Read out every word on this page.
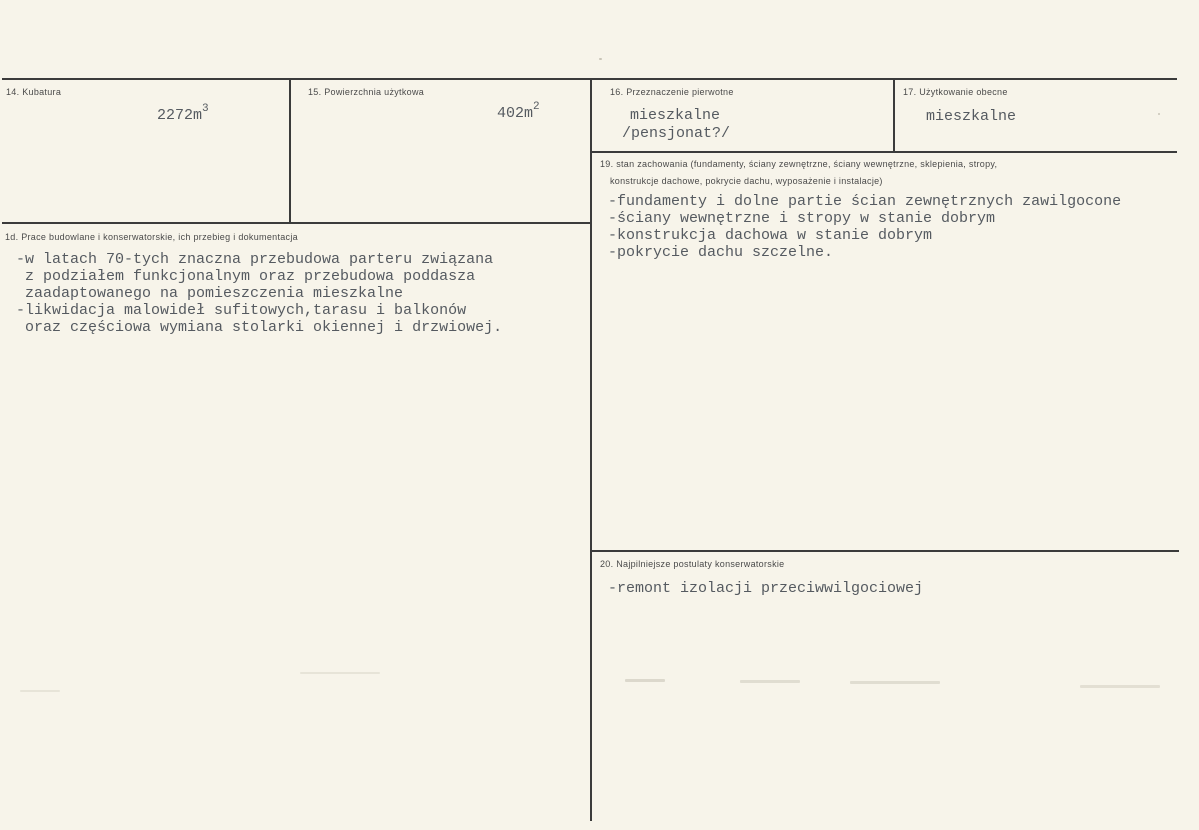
14. Kubatura
$2272m^3$
15. Powierzchnia użytkowa
$402m^2$
16. Przeznaczenie pierwotne
mieszkalne
/pensjonat?/
17. Użytkowanie obecne
mieszkalne
19. stan zachowania (fundamenty, ściany zewnętrzne, ściany wewnętrzne, sklepienia, stropy,
konstrukcje dachowe, pokrycie dachu, wyposażenie i instalacje)
-fundamenty i dolne partie ścian zewnętrznych zawilgocone
-ściany wewnętrzne i stropy w stanie dobrym
-konstrukcja dachowa w stanie dobrym
-pokrycie dachu szczelne.
1d. Prace budowlane i konserwatorskie, ich przebieg i dokumentacja
-w latach 70-tych znaczna przebudowa parteru związana
z podziałem funkcjonalnym oraz przebudowa poddasza
zaadaptowanego na pomieszczenia mieszkalne
-likwidacja malowideł sufitowych,tarasu i balkonów
oraz częściowa wymiana stolarki okiennej i drzwiowej.
20. Najpilniejsze postulaty konserwatorskie
-remont izolacji przeciwwilgociowej
